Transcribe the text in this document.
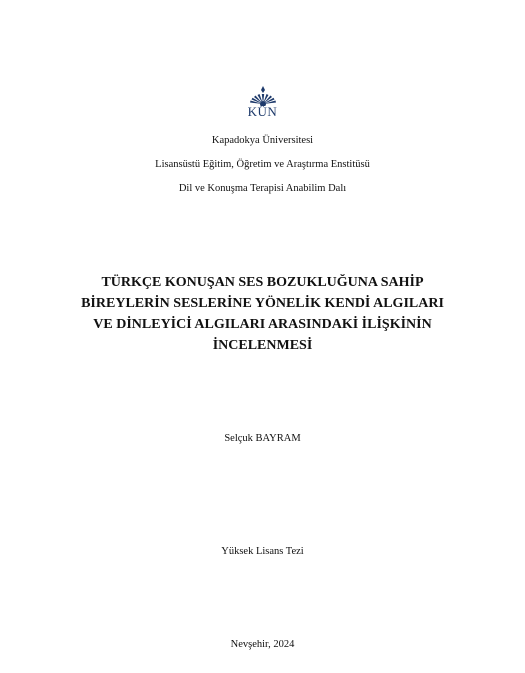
KÜN
Kapadokya Üniversitesi
Lisansüstü Eğitim, Öğretim ve Araştırma Enstitüsü
Dil ve Konuşma Terapisi Anabilim Dalı
TÜRKÇE KONUŞAN SES BOZUKLUĞUNA SAHİP
BİREYLERİN SESLERİNE YÖNELİK KENDİ ALGILARI
VE DİNLEYİCİ ALGILARI ARASINDAKİ İLİŞKİNİN
İNCELENMESİ
Selçuk BAYRAM
Yüksek Lisans Tezi
Nevşehir, 2024
